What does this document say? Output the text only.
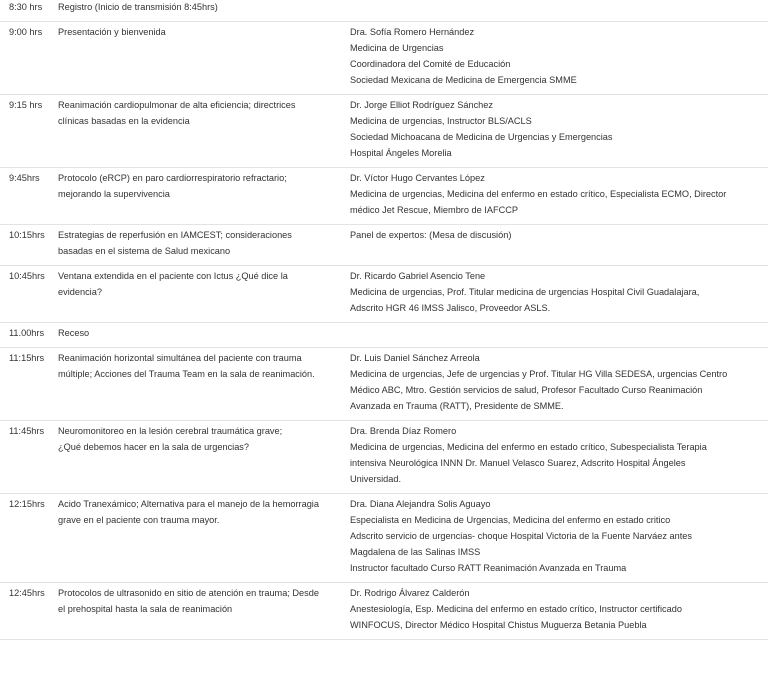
8:30 hrs	Registro (Inicio de transmisión 8:45hrs)	

9:00 hrs	Presentación y bienvenida	Dra. Sofía Romero Hernández
Medicina de Urgencias
Coordinadora del Comité de Educación
Sociedad Mexicana de Medicina de Emergencia SMME

9:15 hrs	Reanimación cardiopulmonar de alta eficiencia; directrices
clínicas basadas en la evidencia	Dr. Jorge Elliot Rodríguez Sánchez
Medicina de urgencias, Instructor BLS/ACLS
Sociedad Michoacana de Medicina de Urgencias y Emergencias
Hospital Ángeles Morelia

9:45hrs	Protocolo (eRCP) en paro cardiorrespiratorio refractario;
mejorando la supervivencia	Dr. Víctor Hugo Cervantes López
Medicina de urgencias, Medicina del enfermo en estado crítico, Especialista ECMO, Director
médico Jet Rescue, Miembro de IAFCCP

10:15hrs	Estrategias de reperfusión en IAMCEST; consideraciones
basadas en el sistema de Salud mexicano	Panel de expertos: (Mesa de discusión)

10:45hrs	Ventana extendida en el paciente con Ictus ¿Qué dice la
evidencia?	Dr. Ricardo Gabriel Asencio Tene
Medicina de urgencias, Prof. Titular medicina de urgencias Hospital Civil Guadalajara,
Adscrito HGR 46 IMSS Jalisco, Proveedor ASLS.

11.00hrs	Receso	

11:15hrs	Reanimación horizontal simultánea del paciente con trauma
múltiple; Acciones del Trauma Team en la sala de reanimación.	Dr. Luis Daniel Sánchez Arreola
Medicina de urgencias, Jefe de urgencias y Prof. Titular HG Villa SEDESA, urgencias Centro
Médico ABC, Mtro. Gestión servicios de salud, Profesor Facultado Curso Reanimación
Avanzada en Trauma (RATT), Presidente de SMME.

11:45hrs	Neuromonitoreo en la lesión cerebral traumática grave;
¿Qué debemos hacer en la sala de urgencias?	Dra. Brenda Díaz Romero
Medicina de urgencias, Medicina del enfermo en estado crítico, Subespecialista Terapia
intensiva Neurológica INNN Dr. Manuel Velasco Suarez, Adscrito Hospital Ángeles
Universidad.

12:15hrs	Acido Tranexámico; Alternativa para el manejo de la hemorragia
grave en el paciente con trauma mayor.	Dra. Diana Alejandra Solis Aguayo
Especialista en Medicina de Urgencias, Medicina del enfermo en estado critico
Adscrito servicio de urgencias- choque Hospital Victoria de la Fuente Narváez antes
Magdalena de las Salinas IMSS
Instructor facultado Curso RATT Reanimación Avanzada en Trauma

12:45hrs	Protocolos de ultrasonido en sitio de atención en trauma; Desde
el prehospital hasta la sala de reanimación	Dr. Rodrigo Álvarez Calderón
Anestesiología, Esp. Medicina del enfermo en estado crítico, Instructor certificado
WINFOCUS, Director Médico Hospital Chistus Muguerza Betania Puebla
